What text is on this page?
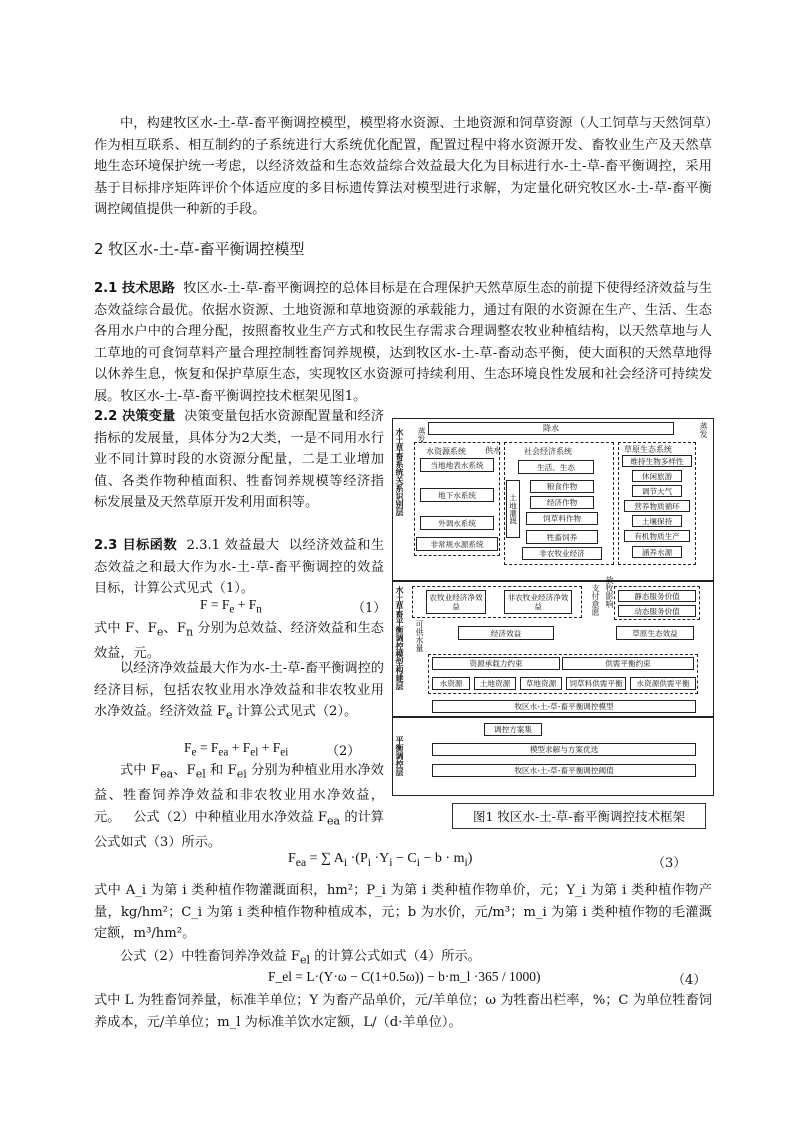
中，构建牧区水-土-草-畜平衡调控模型，模型将水资源、土地资源和饲草资源（人工饲草与天然饲草）作为相互联系、相互制约的子系统进行大系统优化配置，配置过程中将水资源开发、畜牧业生产及天然草地生态环境保护统一考虑，以经济效益和生态效益综合效益最大化为目标进行水-土-草-畜平衡调控，采用基于目标排序矩阵评价个体适应度的多目标遗传算法对模型进行求解，为定量化研究牧区水-土-草-畜平衡调控阈值提供一种新的手段。

2 牧区水-土-草-畜平衡调控模型

2.1 技术思路 牧区水-土-草-畜平衡调控的总体目标是在合理保护天然草原生态的前提下使得经济效益与生态效益综合最优。依据水资源、土地资源和草地资源的承载能力，通过有限的水资源在生产、生活、生态各用水户中的合理分配，按照畜牧业生产方式和牧民生存需求合理调整农牧业种植结构，以天然草地与人工草地的可食饲草料产量合理控制牲畜饲养规模，达到牧区水-土-草-畜动态平衡，使大面积的天然草地得以休养生息，恢复和保护草原生态，实现牧区水资源可持续利用、生态环境良性发展和社会经济可持续发展。牧区水-土-草-畜平衡调控技术框架见图1。

2.2 决策变量 决策变量包括水资源配置量和经济指标的发展量，具体分为2大类，一是不同用水行业不同计算时段的水资源分配量，二是工业增加值、各类作物种植面积、牲畜饲养规模等经济指标发展量及天然草原开发利用面积等。

2.3 目标函数 2.3.1 效益最大 以经济效益和生态效益之和最大作为水-土-草-畜平衡调控的效益目标，计算公式见式（1）。

$F = F_e + F_n$	（1）

式中 F、$F_e$、$F_n$ 分别为总效益、经济效益和生态效益，元。

以经济净效益最大作为水-土-草-畜平衡调控的经济目标，包括农牧业用水净效益和非农牧业用水净效益。经济效益 $F_e$ 计算公式见式（2）。

$F_e = F_{ea} + F_{el} + F_{ei}$	（2）

式中 $F_{ea}$、$F_{el}$ 和 $F_{ei}$ 分别为种植业用水净效益、牲畜饲养净效益和非农牧业用水净效益，元。 公式（2）中种植业用水净效益 $F_{ea}$ 的计算公式如式（3）所示。

$F_{ea}$ = ∑ $A_i \cdot(P_i \cdot Y_i - C_i - b \cdot m_i)$	（3）

式中 A_i 为第 i 类种植作物灌溉面积，hm²；P_i 为第 i 类种植作物单价，元；Y_i 为第 i 类种植作物产量，kg/hm²；C_i 为第 i 类种植作物种植成本，元；b 为水价，元/m³；m_i 为第 i 类种植作物的毛灌溉定额，m³/hm²。

公式（2）中牲畜饲养净效益 $F_{el}$ 的计算公式如式（4）所示。

F_el = L·(Y·ω − C(1+0.5ω)) − b·m_l ·365 / 1000)	（4）

式中 L 为牲畜饲养量，标准羊单位；Y 为畜产品单价，元/羊单位；ω 为牲畜出栏率，%；C 为单位牲畜饲养成本，元/羊单位；m_l 为标准羊饮水定额，L/（d·羊单位）。

水土草畜系统关系识别层
水土草畜平衡调控模型构建层
平衡调控层
降水
蒸发	蒸发
水资源系统 供水
当地地表水系统
地下水系统
外调水系统
非常规水源系统
社会经济系统
生活、生态
土地灌溉
粮食作物
经济作物
饲草料作物
牲畜饲养
非农牧业经济
草原生态系统
维持生物多样性
休闲旅游
调节大气
营养物质循环
土壤保持
有机物质生产
涵养水源
农牧业经济净效益
非农牧业经济净效益	支付意愿 放牧影响	静态服务价值
动态服务价值
可供水量	经济效益	草原生态效益
资源承载力约束	供需平衡约束
水资源	土地资源	草地资源	饲草料供需平衡	水资源供需平衡
牧区水-土-草-畜平衡调控模型
调控方案集
模型求解与方案优选
牧区水-土-草-畜平衡调控阈值
图1 牧区水-土-草-畜平衡调控技术框架
